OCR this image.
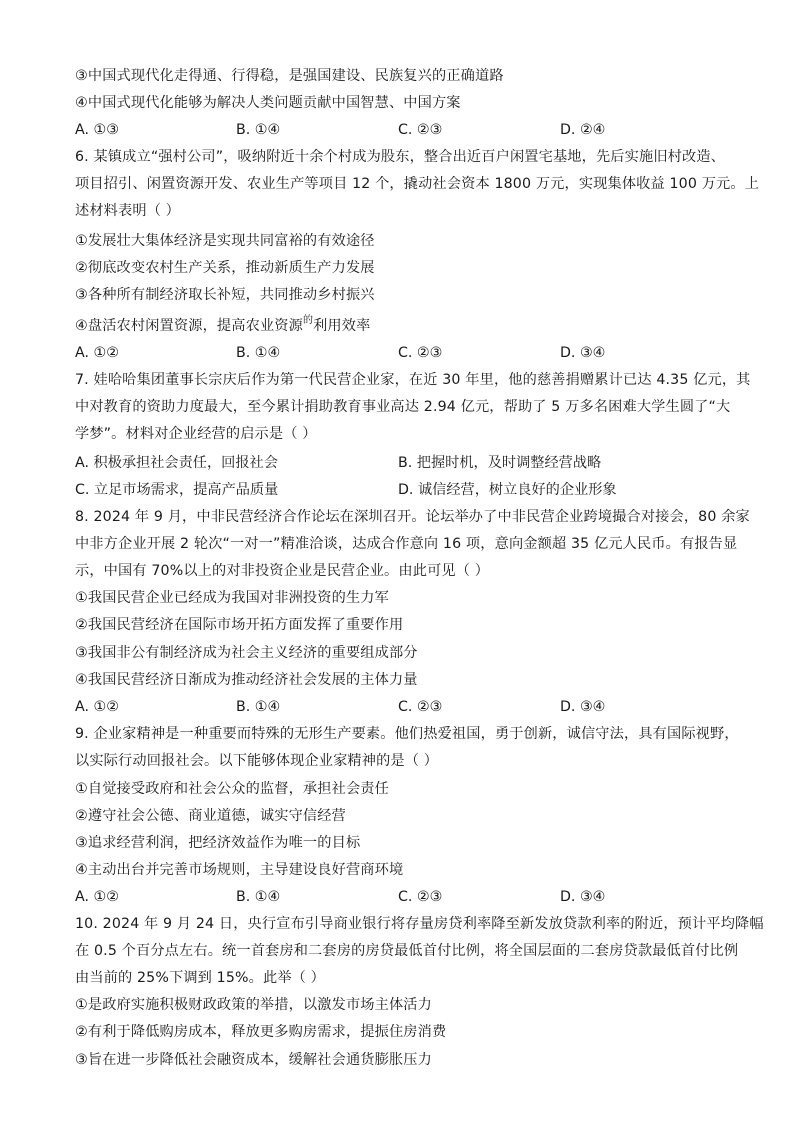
③中国式现代化走得通、行得稳，是强国建设、民族复兴的正确道路
④中国式现代化能够为解决人类问题贡献中国智慧、中国方案
A. ①③	B. ①④	C. ②③	D. ②④
6. 某镇成立“强村公司”，吸纳附近十余个村成为股东，整合出近百户闲置宅基地，先后实施旧村改造、
项目招引、闲置资源开发、农业生产等项目 12 个，撬动社会资本 1800 万元，实现集体收益 100 万元。上
述材料表明（ ）
①发展壮大集体经济是实现共同富裕的有效途径
②彻底改变农村生产关系，推动新质生产力发展
③各种所有制经济取长补短，共同推动乡村振兴
④盘活农村闲置资源，提高农业资源$^的$利用效率
A. ①②	B. ①④	C. ②③	D. ③④
7. 娃哈哈集团董事长宗庆后作为第一代民营企业家，在近 30 年里，他的慈善捐赠累计已达 4.35 亿元，其
中对教育的资助力度最大，至今累计捐助教育事业高达 2.94 亿元，帮助了 5 万多名困难大学生圆了“大
学梦”。材料对企业经营的启示是（ ）
A. 积极承担社会责任，回报社会	B. 把握时机，及时调整经营战略
C. 立足市场需求，提高产品质量	D. 诚信经营，树立良好的企业形象
8. 2024 年 9 月，中非民营经济合作论坛在深圳召开。论坛举办了中非民营企业跨境撮合对接会，80 余家
中非方企业开展 2 轮次“一对一”精准洽谈，达成合作意向 16 项，意向金额超 35 亿元人民币。有报告显
示，中国有 70%以上的对非投资企业是民营企业。由此可见（ ）
①我国民营企业已经成为我国对非洲投资的生力军
②我国民营经济在国际市场开拓方面发挥了重要作用
③我国非公有制经济成为社会主义经济的重要组成部分
④我国民营经济日渐成为推动经济社会发展的主体力量
A. ①②	B. ①④	C. ②③	D. ③④
9. 企业家精神是一种重要而特殊的无形生产要素。他们热爱祖国，勇于创新，诚信守法，具有国际视野，
以实际行动回报社会。以下能够体现企业家精神的是（ ）
①自觉接受政府和社会公众的监督，承担社会责任
②遵守社会公德、商业道德，诚实守信经营
③追求经营利润，把经济效益作为唯一的目标
④主动出台并完善市场规则，主导建设良好营商环境
A. ①②	B. ①④	C. ②③	D. ③④
10. 2024 年 9 月 24 日，央行宣布引导商业银行将存量房贷利率降至新发放贷款利率的附近，预计平均降幅
在 0.5 个百分点左右。统一首套房和二套房的房贷最低首付比例，将全国层面的二套房贷款最低首付比例
由当前的 25%下调到 15%。此举（ ）
①是政府实施积极财政政策的举措，以激发市场主体活力
②有利于降低购房成本，释放更多购房需求，提振住房消费
③旨在进一步降低社会融资成本，缓解社会通货膨胀压力
